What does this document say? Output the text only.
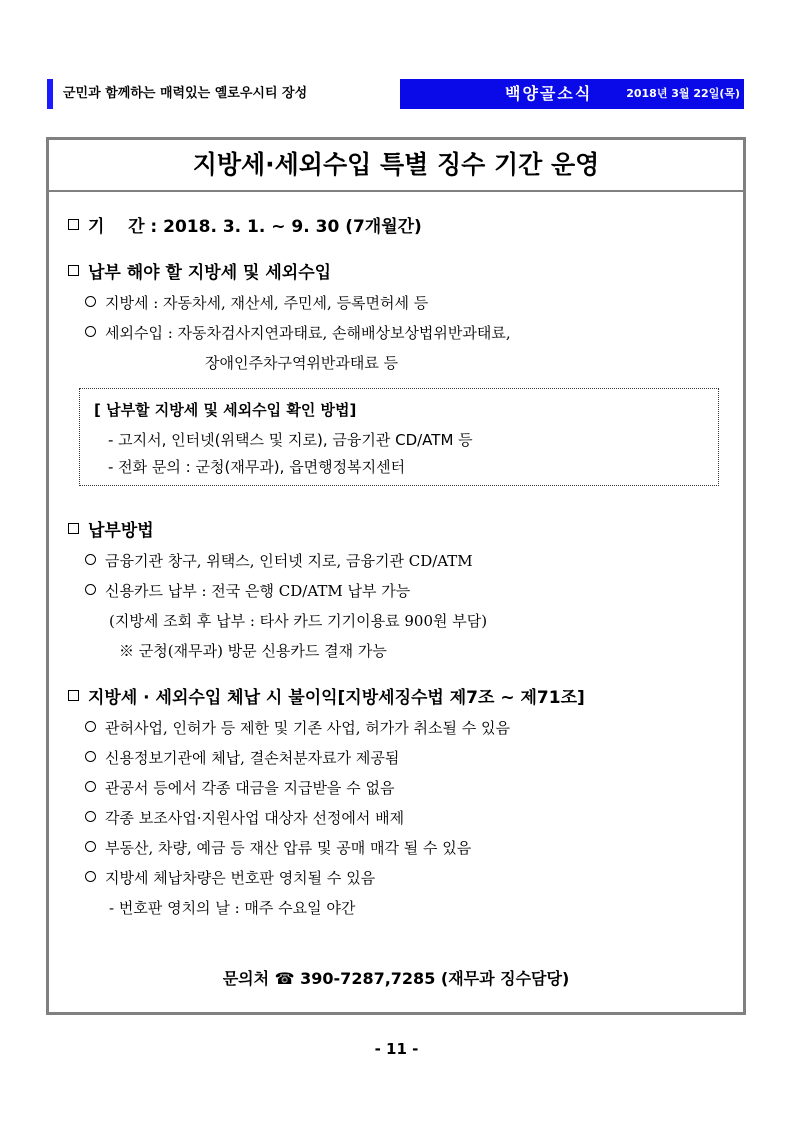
군민과 함께하는 매력있는 옐로우시티 장성	백양골소식	2018년 3월 22일(목)
지방세·세외수입 특별 징수 기간 운영
기    간 : 2018. 3. 1. ~ 9. 30 (7개월간)
납부 해야 할 지방세 및 세외수입
지방세 : 자동차세, 재산세, 주민세, 등록면허세 등
세외수입 : 자동차검사지연과태료, 손해배상보상법위반과태료,
장애인주차구역위반과태료 등
[ 납부할 지방세 및 세외수입 확인 방법]
- 고지서, 인터넷(위택스 및 지로), 금융기관 CD/ATM 등
- 전화 문의 : 군청(재무과), 읍면행정복지센터
납부방법
금융기관 창구, 위택스, 인터넷 지로, 금융기관 CD/ATM
신용카드 납부 : 전국 은행 CD/ATM 납부 가능
(지방세 조회 후 납부 : 타사 카드 기기이용료 900원 부담)
※ 군청(재무과) 방문 신용카드 결재 가능
지방세 · 세외수입 체납 시 불이익[지방세징수법 제7조 ~ 제71조]
관허사업, 인허가 등 제한 및 기존 사업, 허가가 취소될 수 있음
신용정보기관에 체납, 결손처분자료가 제공됨
관공서 등에서 각종 대금을 지급받을 수 없음
각종 보조사업·지원사업 대상자 선정에서 배제
부동산, 차량, 예금 등 재산 압류 및 공매 매각 될 수 있음
지방세 체납차량은 번호판 영치될 수 있음
- 번호판 영치의 날 : 매주 수요일 야간
문의처 ☎ 390-7287,7285 (재무과 징수담당)
- 11 -
